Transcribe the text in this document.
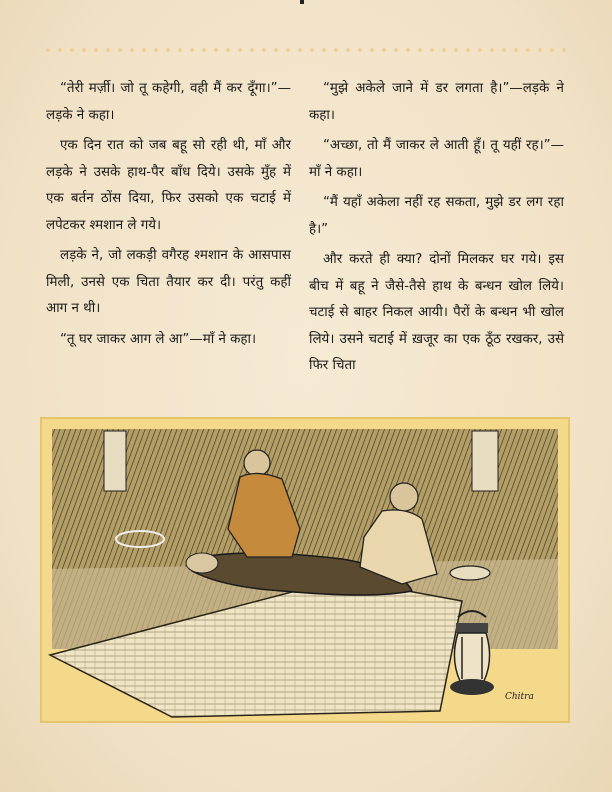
“तेरी मर्ज़ी। जो तू कहेगी, वही मैं कर दूँगा।”—लड़के ने कहा।

एक दिन रात को जब बहू सो रही थी, माँ और लड़के ने उसके हाथ-पैर बाँध दिये। उसके मुँह में एक बर्तन ठोंस दिया, फिर उसको एक चटाई में लपेटकर श्मशान ले गये।

लड़के ने, जो लकड़ी वगैरह श्मशान के आसपास मिली, उनसे एक चिता तैयार कर दी। परंतु कहीं आग न थी।

“तू घर जाकर आग ले आ”—माँ ने कहा।

“मुझे अकेले जाने में डर लगता है।”—लड़के ने कहा।

“अच्छा, तो मैं जाकर ले आती हूँ। तू यहीं रह।”—माँ ने कहा।

“मैं यहाँ अकेला नहीं रह सकता, मुझे डर लग रहा है।”

और करते ही क्या? दोनों मिलकर घर गये। इस बीच में बहू ने जैसे-तैसे हाथ के बन्धन खोल लिये। चटाई से बाहर निकल आयी। पैरों के बन्धन भी खोल लिये। उसने चटाई में ख़जूर का एक ठूँठ रखकर, उसे फिर चिता

Chitra
